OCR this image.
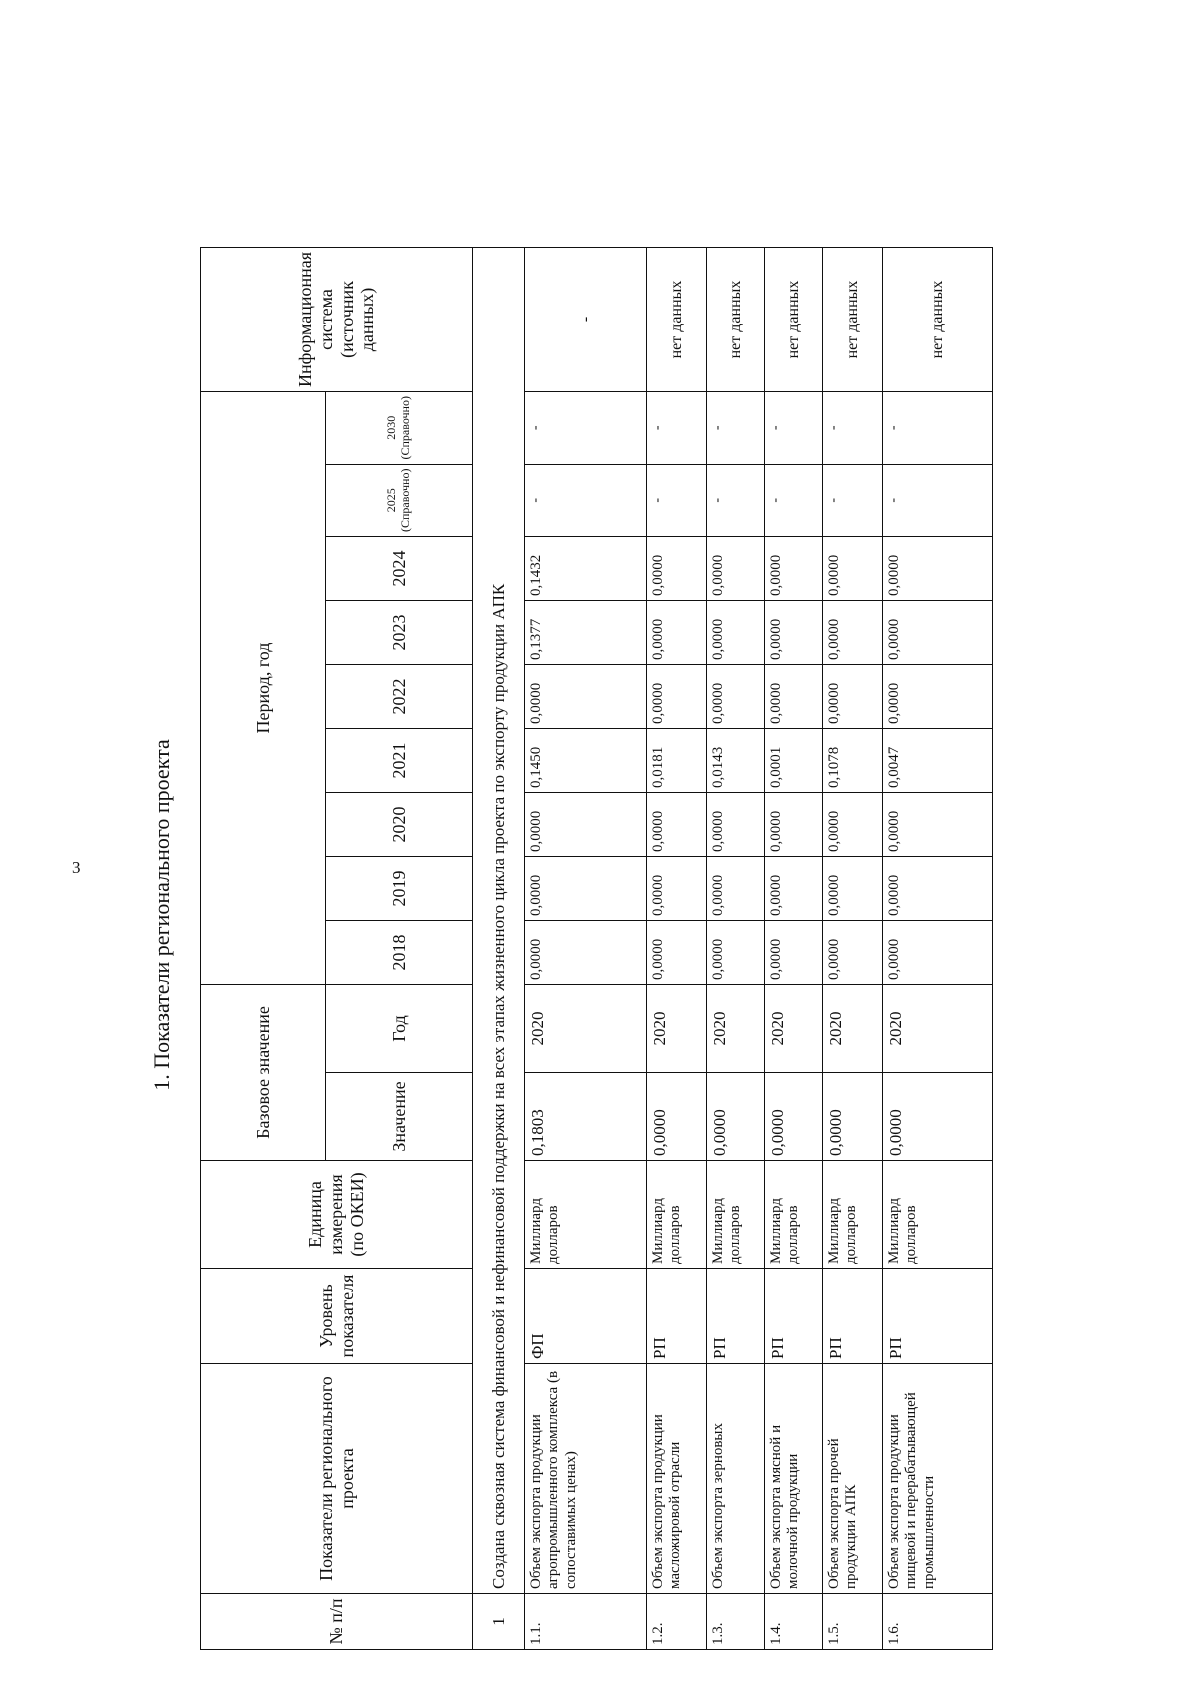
3	1. Показатели регионального проекта
№ п/п	Показатели регионального проекта	Уровень показателя	Единица измерения (по ОКЕИ)	Базовое значение		Период, год									Информационная система (источник данных)
				Значение	Год	2018	2019	2020	2021	2022	2023	2024	2025 (Справочно)	2030 (Справочно)	

1	Создана сквозная система финансовой и нефинансовой поддержки на всех этапах жизненного цикла проекта по экспорту продукции АПК														
1.1.	Объем экспорта продукции агропромышленного комплекса (в сопоставимых ценах)	ФП	Миллиард долларов	0,1803	2020	0,0000	0,0000	0,0000	0,1450	0,0000	0,1377	0,1432	-	-	-
1.2.	Объем экспорта продукции масложировой отрасли	РП	Миллиард долларов	0,0000	2020	0,0000	0,0000	0,0000	0,0181	0,0000	0,0000	0,0000	-	-	нет данных
1.3.	Объем экспорта зерновых	РП	Миллиард долларов	0,0000	2020	0,0000	0,0000	0,0000	0,0143	0,0000	0,0000	0,0000	-	-	нет данных
1.4.	Объем экспорта мясной и молочной продукции	РП	Миллиард долларов	0,0000	2020	0,0000	0,0000	0,0000	0,0001	0,0000	0,0000	0,0000	-	-	нет данных
1.5.	Объем экспорта прочей продукции АПК	РП	Миллиард долларов	0,0000	2020	0,0000	0,0000	0,0000	0,1078	0,0000	0,0000	0,0000	-	-	нет данных
1.6.	Объем экспорта продукции пищевой и перерабатывающей промышленности	РП	Миллиард долларов	0,0000	2020	0,0000	0,0000	0,0000	0,0047	0,0000	0,0000	0,0000	-	-	нет данных
